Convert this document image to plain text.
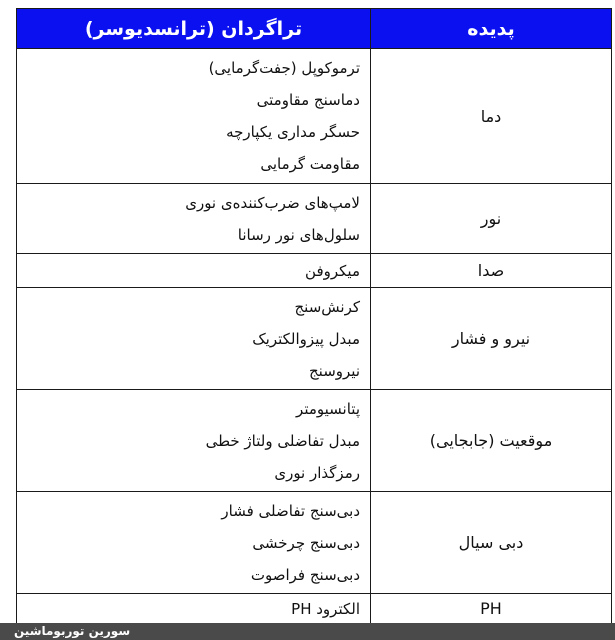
پدیده	تراگردان (ترانسدیوسر)
دما	ترموکوپل (جفت‌گرمایی)
دماسنج مقاومتی
حسگر مداری یکپارچه
مقاومت گرمایی

نور	لامپ‌های ضرب‌کننده‌ی نوری
سلول‌های نور رسانا

صدا	میکروفن

نیرو و فشار	کرنش‌سنج
مبدل پیزوالکتریک
نیروسنج

موقعیت (جابجایی)	پتانسیومتر
مبدل تفاضلی ولتاژ خطی
رمزگذار نوری

دبی سیال	دبی‌سنج تفاضلی فشار
دبی‌سنج چرخشی
دبی‌سنج فراصوت

PH	الکترود PH
سورین توربوماشین
